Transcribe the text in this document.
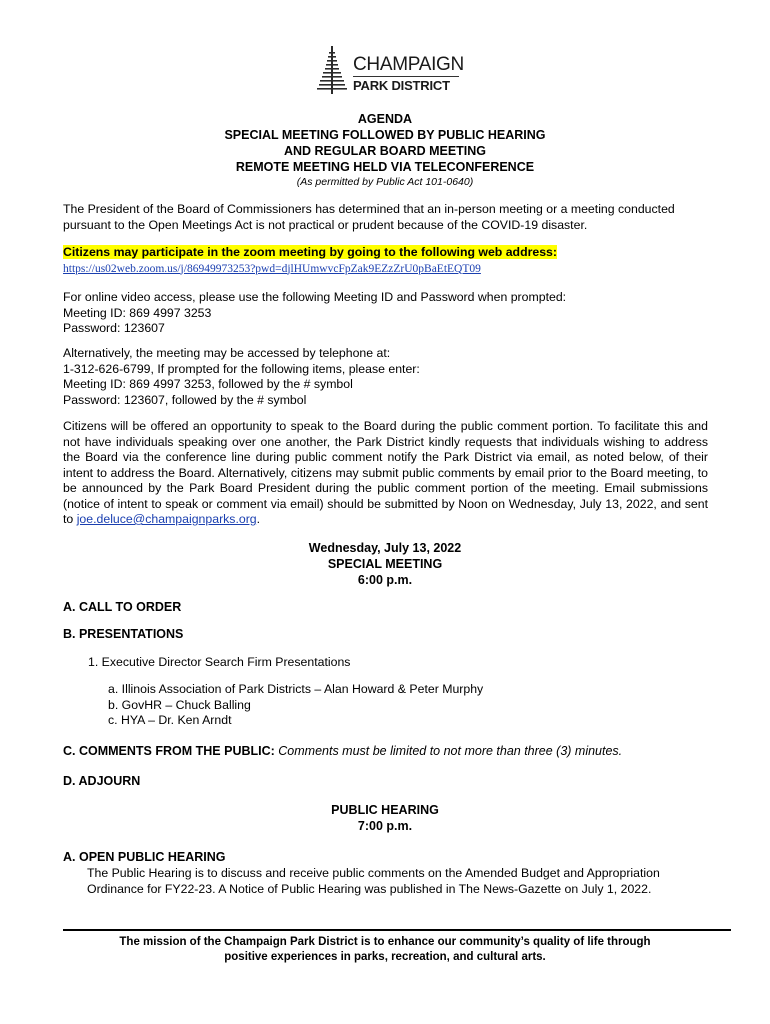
CHAMPAIGN
PARK DISTRICT
AGENDA
SPECIAL MEETING FOLLOWED BY PUBLIC HEARING
AND REGULAR BOARD MEETING
REMOTE MEETING HELD VIA TELECONFERENCE
(As permitted by Public Act 101-0640)
The President of the Board of Commissioners has determined that an in-person meeting or a meeting conducted pursuant to the Open Meetings Act is not practical or prudent because of the COVID-19 disaster.
Citizens may participate in the zoom meeting by going to the following web address:
https://us02web.zoom.us/j/86949973253?pwd=djlHUmwvcFpZak9EZzZrU0pBaEtEQT09
For online video access, please use the following Meeting ID and Password when prompted:
Meeting ID: 869 4997 3253
Password: 123607
Alternatively, the meeting may be accessed by telephone at:
1-312-626-6799, If prompted for the following items, please enter:
Meeting ID: 869 4997 3253, followed by the # symbol
Password: 123607, followed by the # symbol
Citizens will be offered an opportunity to speak to the Board during the public comment portion. To facilitate this and not have individuals speaking over one another, the Park District kindly requests that individuals wishing to address the Board via the conference line during public comment notify the Park District via email, as noted below, of their intent to address the Board. Alternatively, citizens may submit public comments by email prior to the Board meeting, to be announced by the Park Board President during the public comment portion of the meeting. Email submissions (notice of intent to speak or comment via email) should be submitted by Noon on Wednesday, July 13, 2022, and sent to joe.deluce@champaignparks.org.
Wednesday, July 13, 2022
SPECIAL MEETING
6:00 p.m.
A. CALL TO ORDER
B. PRESENTATIONS
1. Executive Director Search Firm Presentations
a. Illinois Association of Park Districts – Alan Howard & Peter Murphy
b. GovHR – Chuck Balling
c. HYA – Dr. Ken Arndt
C. COMMENTS FROM THE PUBLIC: Comments must be limited to not more than three (3) minutes.
D. ADJOURN
PUBLIC HEARING
7:00 p.m.
A. OPEN PUBLIC HEARING
The Public Hearing is to discuss and receive public comments on the Amended Budget and Appropriation Ordinance for FY22-23. A Notice of Public Hearing was published in The News-Gazette on July 1, 2022.
The mission of the Champaign Park District is to enhance our community’s quality of life through
positive experiences in parks, recreation, and cultural arts.
